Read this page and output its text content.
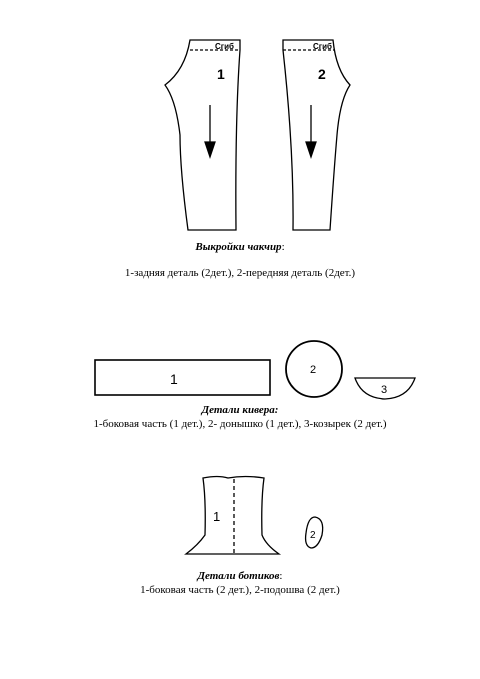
Сгиб
1
Сгиб
2
1
2
3
1
2
Выкройки чакчир:
1-задняя деталь (2дет.), 2-передняя деталь (2дет.)
Детали кивера:
1-боковая часть (1 дет.), 2- донышко (1 дет.), 3-козырек (2 дет.)
Детали ботиков:
1-боковая часть (2 дет.), 2-подошва (2 дет.)
